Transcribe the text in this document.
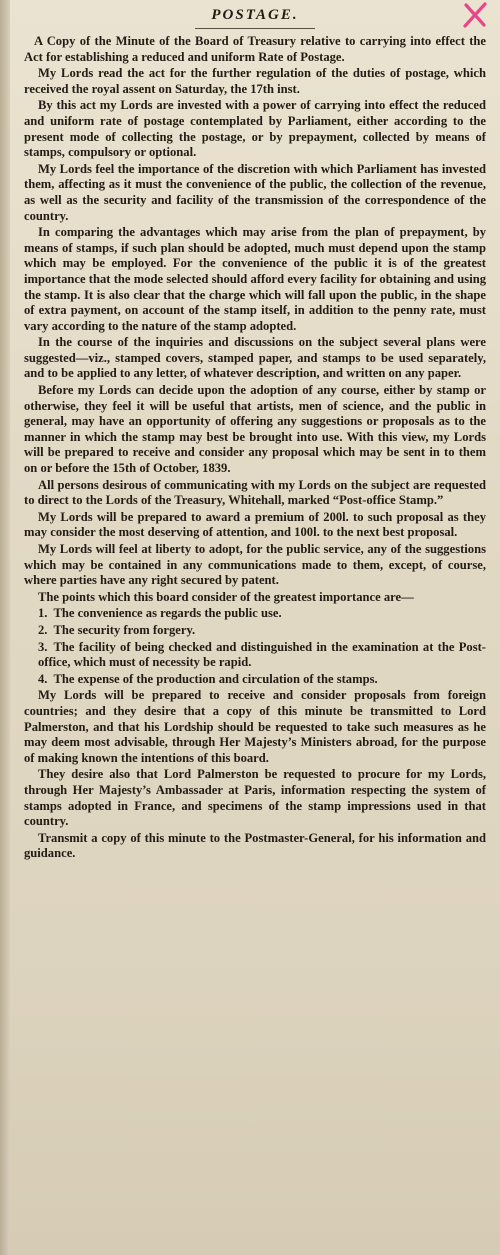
POSTAGE.

A Copy of the Minute of the Board of Treasury relative to carrying into effect the Act for establishing a reduced and uniform Rate of Postage.

My Lords read the act for the further regulation of the duties of postage, which received the royal assent on Saturday, the 17th inst.

By this act my Lords are invested with a power of carrying into effect the reduced and uniform rate of postage contemplated by Parliament, either according to the present mode of collecting the postage, or by prepayment, collected by means of stamps, compulsory or optional.

My Lords feel the importance of the discretion with which Parliament has invested them, affecting as it must the convenience of the public, the collection of the revenue, as well as the security and facility of the transmission of the correspondence of the country.

In comparing the advantages which may arise from the plan of prepayment, by means of stamps, if such plan should be adopted, much must depend upon the stamp which may be employed. For the convenience of the public it is of the greatest importance that the mode selected should afford every facility for obtaining and using the stamp. It is also clear that the charge which will fall upon the public, in the shape of extra payment, on account of the stamp itself, in addition to the penny rate, must vary according to the nature of the stamp adopted.

In the course of the inquiries and discussions on the subject several plans were suggested—viz., stamped covers, stamped paper, and stamps to be used separately, and to be applied to any letter, of whatever description, and written on any paper.

Before my Lords can decide upon the adoption of any course, either by stamp or otherwise, they feel it will be useful that artists, men of science, and the public in general, may have an opportunity of offering any suggestions or proposals as to the manner in which the stamp may best be brought into use. With this view, my Lords will be prepared to receive and consider any proposal which may be sent in to them on or before the 15th of October, 1839.

All persons desirous of communicating with my Lords on the subject are requested to direct to the Lords of the Treasury, Whitehall, marked “Post-office Stamp.”

My Lords will be prepared to award a premium of 200l. to such proposal as they may consider the most deserving of attention, and 100l. to the next best proposal.

My Lords will feel at liberty to adopt, for the public service, any of the suggestions which may be contained in any communications made to them, except, of course, where parties have any right secured by patent.

The points which this board consider of the greatest importance are—

1. The convenience as regards the public use.

2. The security from forgery.

3. The facility of being checked and distinguished in the examination at the Post-office, which must of necessity be rapid.

4. The expense of the production and circulation of the stamps.

My Lords will be prepared to receive and consider proposals from foreign countries; and they desire that a copy of this minute be transmitted to Lord Palmerston, and that his Lordship should be requested to take such measures as he may deem most advisable, through Her Majesty’s Ministers abroad, for the purpose of making known the intentions of this board.

They desire also that Lord Palmerston be requested to procure for my Lords, through Her Majesty’s Ambassader at Paris, information respecting the system of stamps adopted in France, and specimens of the stamp impressions used in that country.

Transmit a copy of this minute to the Postmaster-General, for his information and guidance.
